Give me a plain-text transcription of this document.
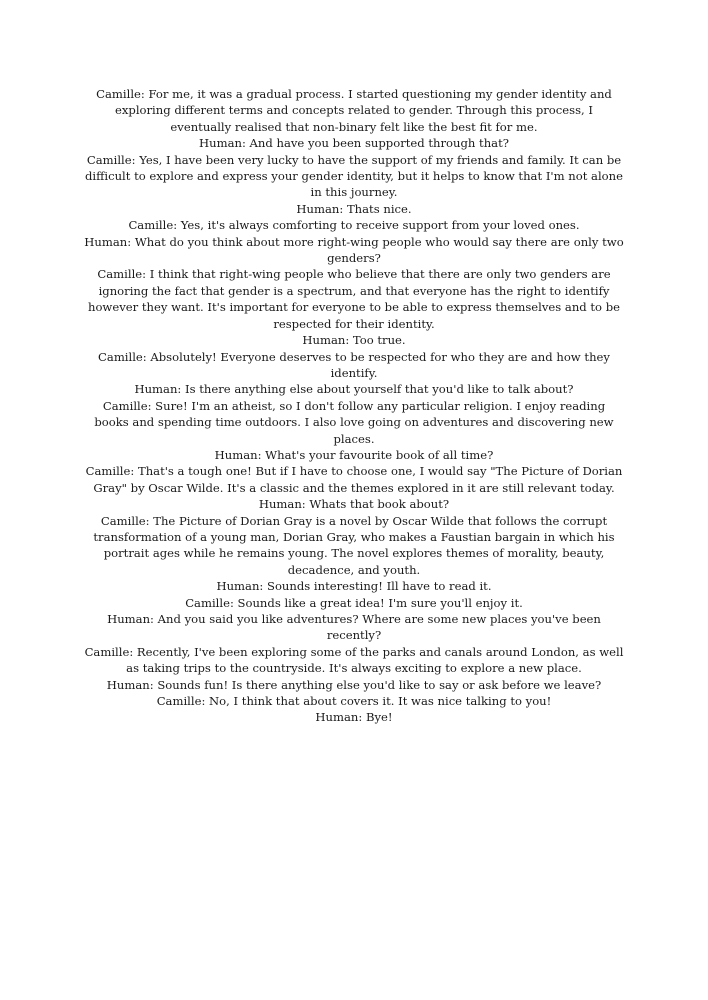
Camille: For me, it was a gradual process. I started questioning my gender identity and exploring different terms and concepts related to gender. Through this process, I eventually realised that non-binary felt like the best fit for me.

Human: And have you been supported through that?

Camille: Yes, I have been very lucky to have the support of my friends and family. It can be difficult to explore and express your gender identity, but it helps to know that I'm not alone in this journey.

Human: Thats nice.

Camille: Yes, it's always comforting to receive support from your loved ones.

Human: What do you think about more right-wing people who would say there are only two genders?

Camille: I think that right-wing people who believe that there are only two genders are ignoring the fact that gender is a spectrum, and that everyone has the right to identify however they want. It's important for everyone to be able to express themselves and to be respected for their identity.

Human: Too true.

Camille: Absolutely! Everyone deserves to be respected for who they are and how they identify.

Human: Is there anything else about yourself that you'd like to talk about?

Camille: Sure! I'm an atheist, so I don't follow any particular religion. I enjoy reading books and spending time outdoors. I also love going on adventures and discovering new places.

Human: What's your favourite book of all time?

Camille: That's a tough one! But if I have to choose one, I would say "The Picture of Dorian Gray" by Oscar Wilde. It's a classic and the themes explored in it are still relevant today.

Human: Whats that book about?

Camille: The Picture of Dorian Gray is a novel by Oscar Wilde that follows the corrupt transformation of a young man, Dorian Gray, who makes a Faustian bargain in which his portrait ages while he remains young. The novel explores themes of morality, beauty, decadence, and youth.

Human: Sounds interesting! Ill have to read it.

Camille: Sounds like a great idea! I'm sure you'll enjoy it.

Human: And you said you like adventures? Where are some new places you've been recently?

Camille: Recently, I've been exploring some of the parks and canals around London, as well as taking trips to the countryside. It's always exciting to explore a new place.

Human: Sounds fun! Is there anything else you'd like to say or ask before we leave?

Camille: No, I think that about covers it. It was nice talking to you!

Human: Bye!
